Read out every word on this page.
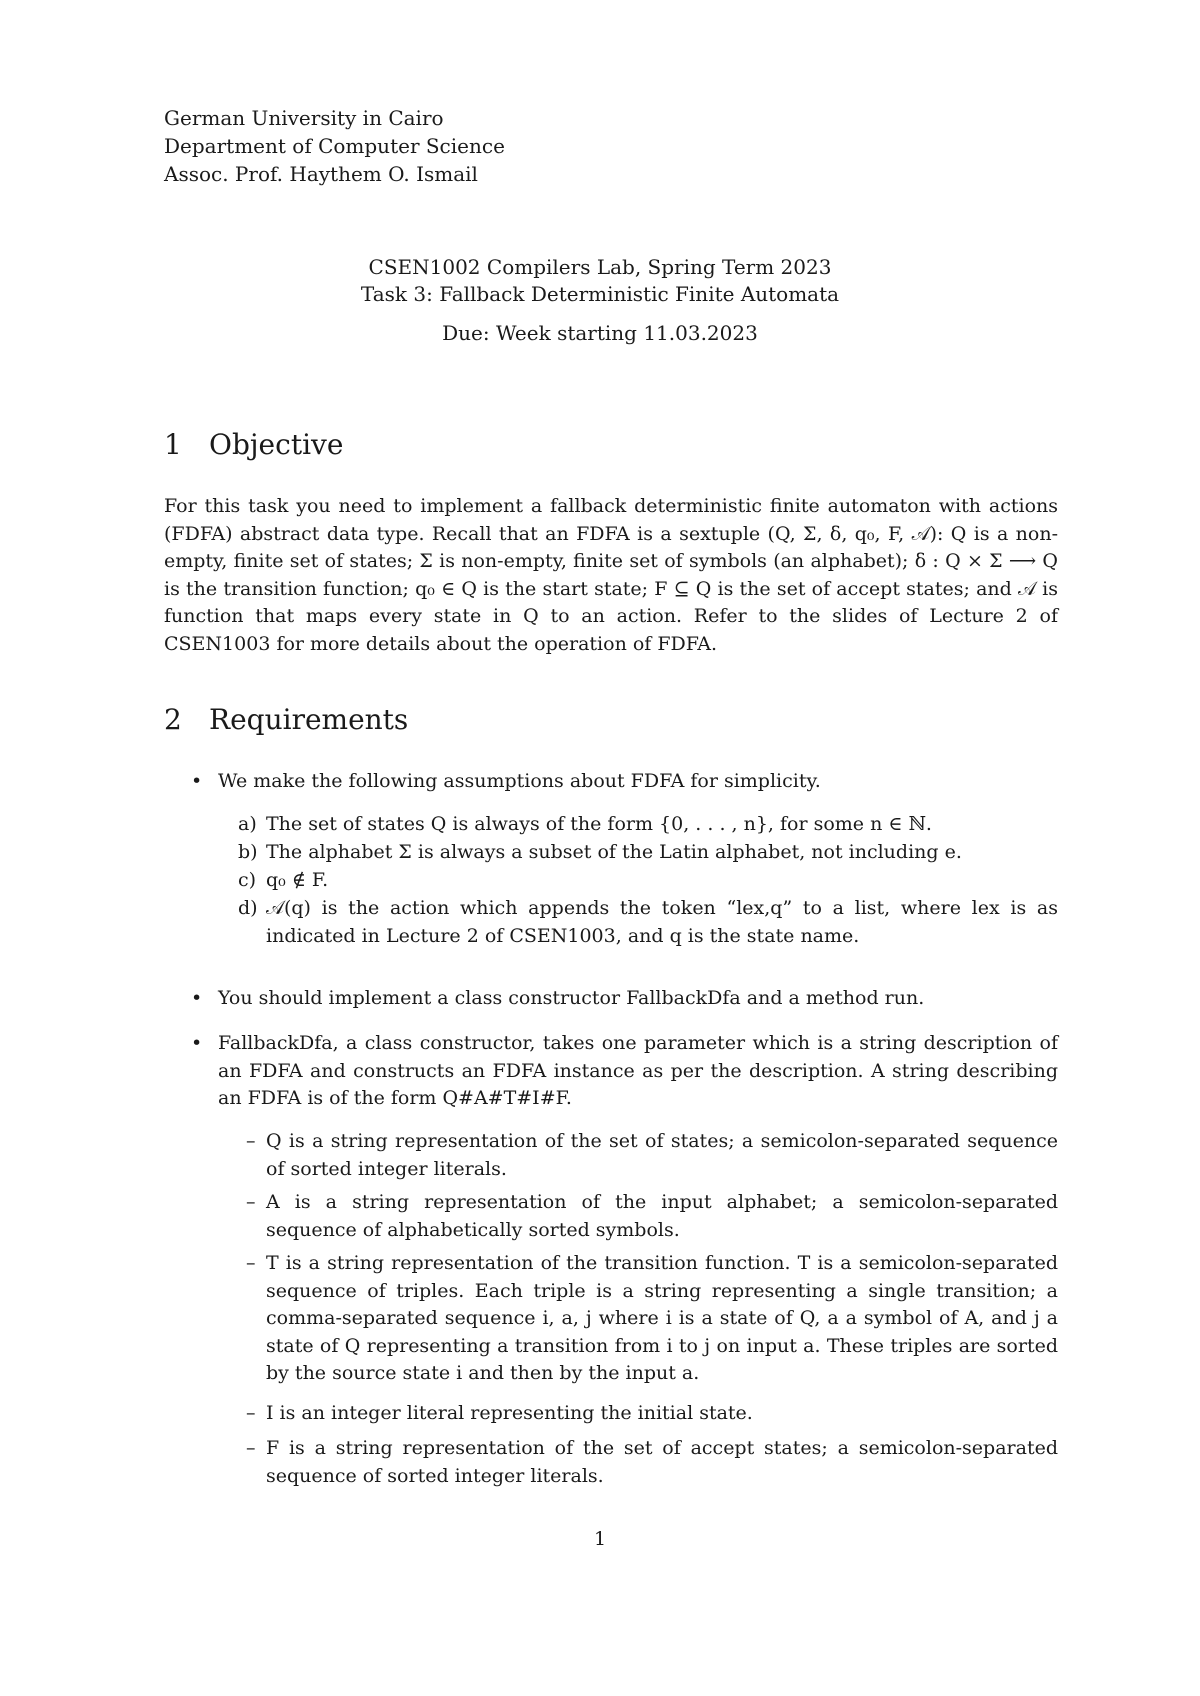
German University in Cairo
Department of Computer Science
Assoc. Prof. Haythem O. Ismail
CSEN1002 Compilers Lab, Spring Term 2023
Task 3: Fallback Deterministic Finite Automata
Due: Week starting 11.03.2023
1 Objective

For this task you need to implement a fallback deterministic finite automaton with actions (FDFA) abstract data type. Recall that an FDFA is a sextuple (Q, Σ, δ, q₀, F, 𝒜): Q is a non-empty, finite set of states; Σ is non-empty, finite set of symbols (an alphabet); δ : Q × Σ ⟶ Q is the transition function; q₀ ∈ Q is the start state; F ⊆ Q is the set of accept states; and 𝒜 is function that maps every state in Q to an action. Refer to the slides of Lecture 2 of CSEN1003 for more details about the operation of FDFA.

2 Requirements
• We make the following assumptions about FDFA for simplicity.
a) The set of states Q is always of the form {0, . . . , n}, for some n ∈ ℕ.
b) The alphabet Σ is always a subset of the Latin alphabet, not including e.
c) q₀ ∉ F.
d) 𝒜(q) is the action which appends the token “lex,q” to a list, where lex is as indicated in Lecture 2 of CSEN1003, and q is the state name.
• You should implement a class constructor FallbackDfa and a method run.
• FallbackDfa, a class constructor, takes one parameter which is a string description of an FDFA and constructs an FDFA instance as per the description. A string describing an FDFA is of the form Q#A#T#I#F.
– Q is a string representation of the set of states; a semicolon-separated sequence of sorted integer literals.
– A is a string representation of the input alphabet; a semicolon-separated sequence of alphabetically sorted symbols.
– T is a string representation of the transition function. T is a semicolon-separated sequence of triples. Each triple is a string representing a single transition; a comma-separated sequence i, a, j where i is a state of Q, a a symbol of A, and j a state of Q representing a transition from i to j on input a. These triples are sorted by the source state i and then by the input a.
– I is an integer literal representing the initial state.
– F is a string representation of the set of accept states; a semicolon-separated sequence of sorted integer literals.
1
